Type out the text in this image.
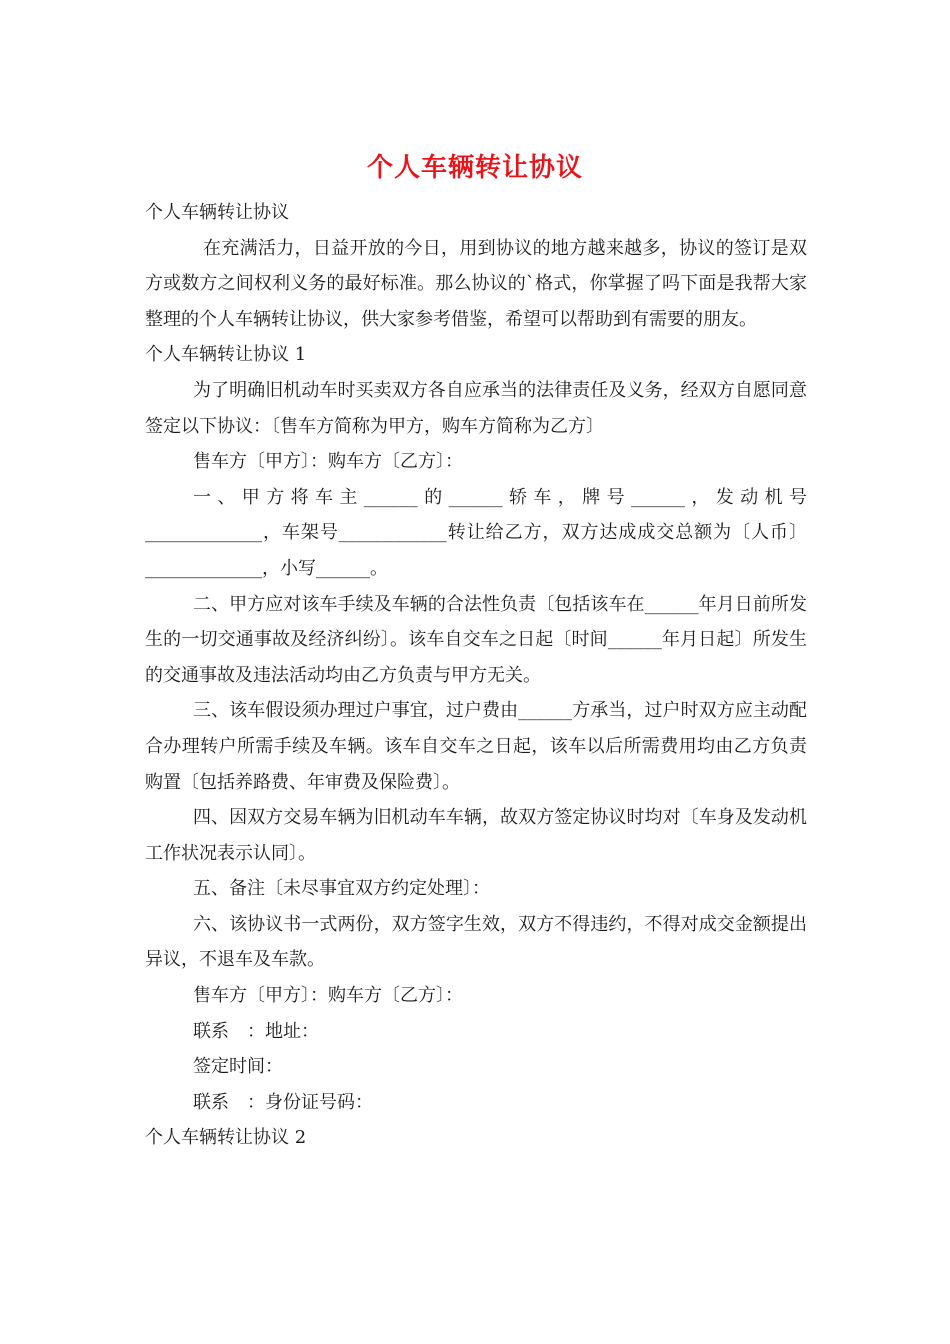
个人车辆转让协议

个人车辆转让协议

在充满活力，日益开放的今日，用到协议的地方越来越多，协议的签订是双方或数方之间权利义务的最好标准。那么协议的`格式，你掌握了吗下面是我帮大家整理的个人车辆转让协议，供大家参考借鉴，希望可以帮助到有需要的朋友。

个人车辆转让协议 1

为了明确旧机动车时买卖双方各自应承当的法律责任及义务，经双方自愿同意签定以下协议：〔售车方简称为甲方，购车方简称为乙方〕

售车方〔甲方〕：购车方〔乙方〕：

一、甲方将车主______的______轿车，牌号______，发动机号_____________，车架号____________转让给乙方，双方达成成交总额为〔人币〕_____________，小写______。

二、甲方应对该车手续及车辆的合法性负责〔包括该车在______年月日前所发生的一切交通事故及经济纠纷〕。该车自交车之日起〔时间______年月日起〕所发生的交通事故及违法活动均由乙方负责与甲方无关。

三、该车假设须办理过户事宜，过户费由______方承当，过户时双方应主动配合办理转户所需手续及车辆。该车自交车之日起，该车以后所需费用均由乙方负责购置〔包括养路费、年审费及保险费〕。

四、因双方交易车辆为旧机动车车辆，故双方签定协议时均对〔车身及发动机工作状况表示认同〕。

五、备注〔未尽事宜双方约定处理〕：

六、该协议书一式两份，双方签字生效，双方不得违约，不得对成交金额提出异议，不退车及车款。

售车方〔甲方〕：购车方〔乙方〕：

联系　：地址：

签定时间：

联系　：身份证号码：

个人车辆转让协议 2
